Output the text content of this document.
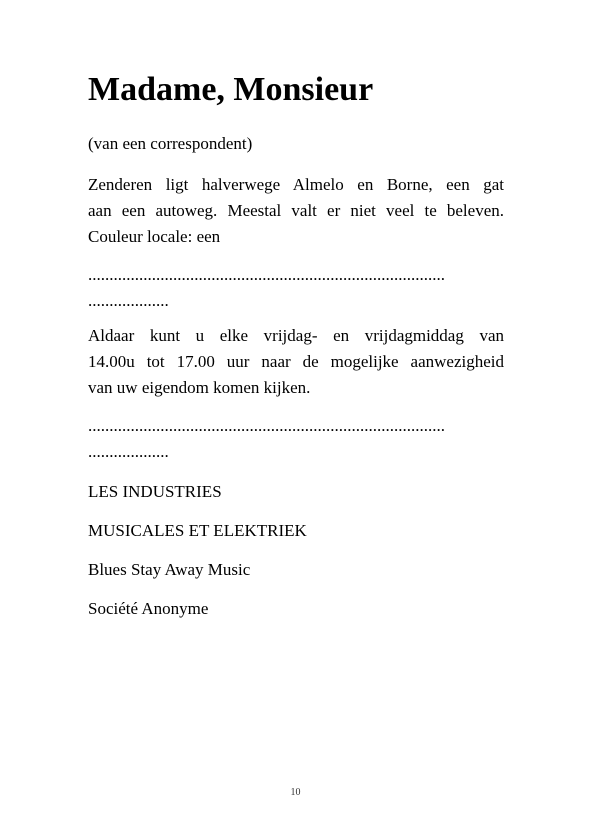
Madame, Monsieur

(van een correspondent)

Zenderen ligt halverwege Almelo en Borne, een gat
aan een autoweg. Meestal valt er niet veel te beleven.
Couleur locale: een
....................................................................................
...................
Aldaar kunt u elke vrijdag- en vrijdagmiddag van
14.00u tot 17.00 uur naar de mogelijke aanwezigheid
van uw eigendom komen kijken.
....................................................................................
...................

LES INDUSTRIES

MUSICALES ET ELEKTRIEK

Blues Stay Away Music

Société Anonyme

10
